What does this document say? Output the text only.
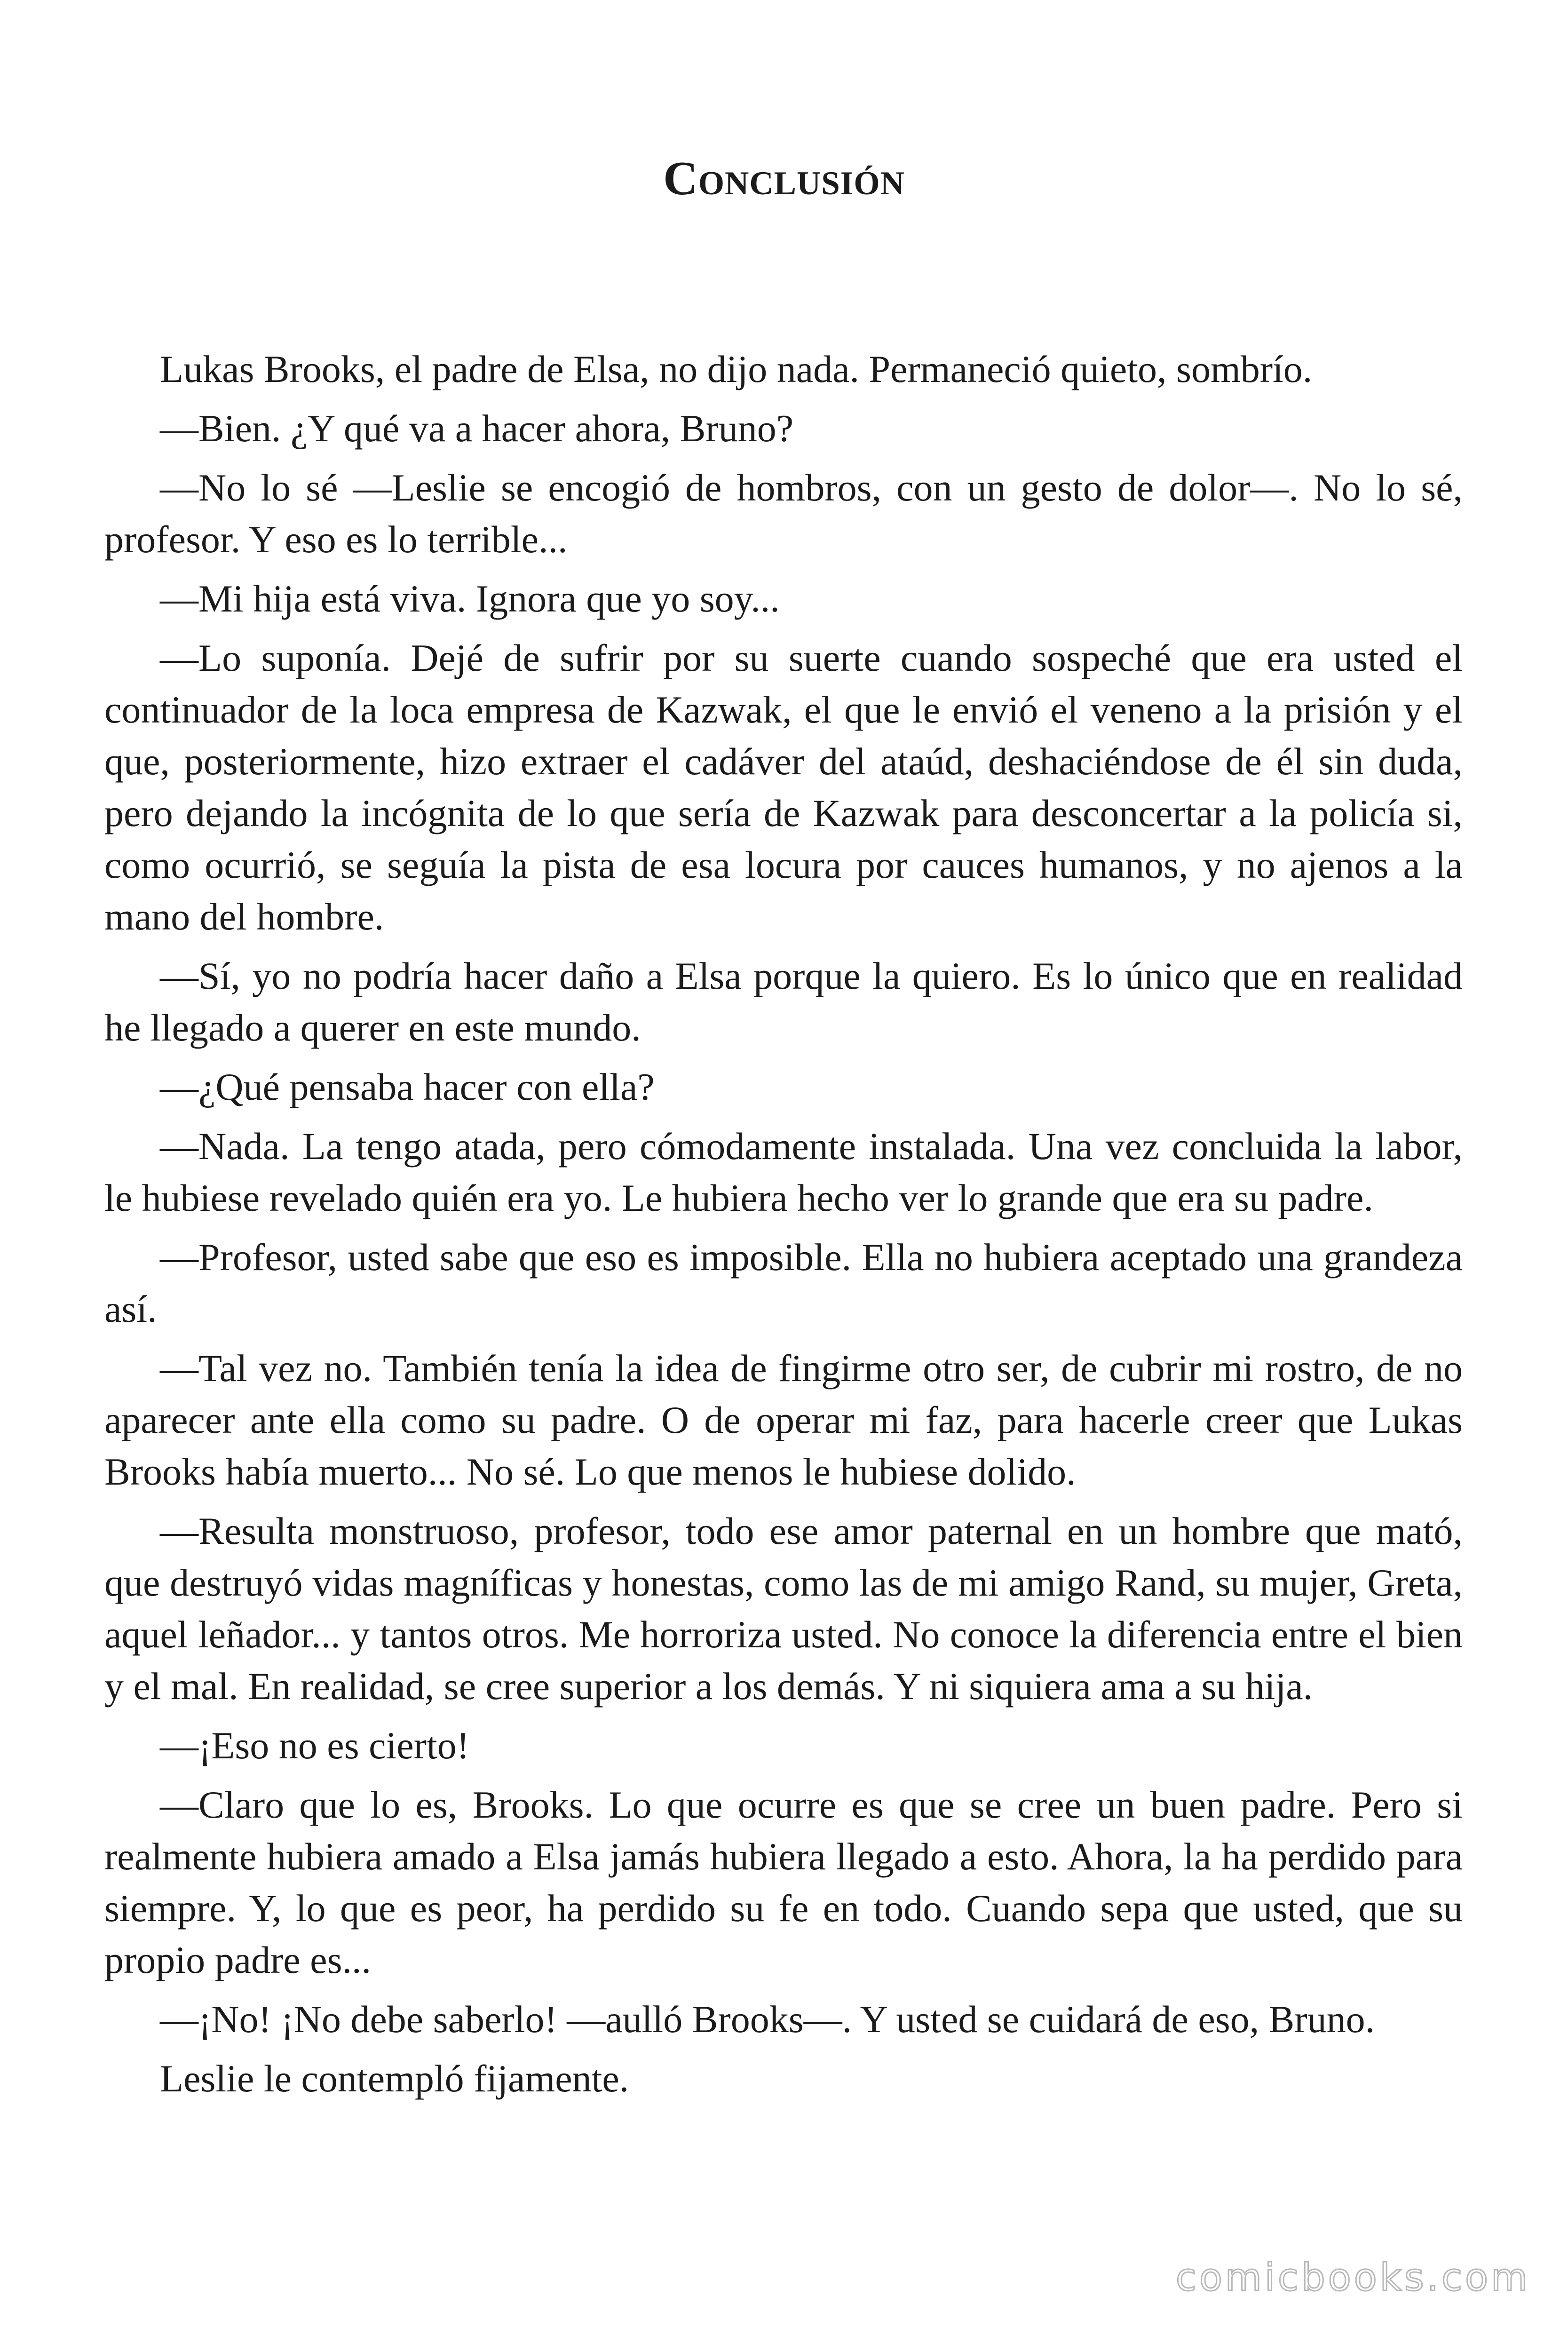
Conclusión

Lukas Brooks, el padre de Elsa, no dijo nada. Permaneció quieto, sombrío.

—Bien. ¿Y qué va a hacer ahora, Bruno?

—No lo sé —Leslie se encogió de hombros, con un gesto de dolor—. No lo sé, profesor. Y eso es lo terrible...

—Mi hija está viva. Ignora que yo soy...

—Lo suponía. Dejé de sufrir por su suerte cuando sospeché que era usted el continuador de la loca empresa de Kazwak, el que le envió el veneno a la prisión y el que, posteriormente, hizo extraer el cadáver del ataúd, deshaciéndose de él sin duda, pero dejando la incógnita de lo que sería de Kazwak para desconcertar a la policía si, como ocurrió, se seguía la pista de esa locura por cauces humanos, y no ajenos a la mano del hombre.

—Sí, yo no podría hacer daño a Elsa porque la quiero. Es lo único que en realidad he llegado a querer en este mundo.

—¿Qué pensaba hacer con ella?

—Nada. La tengo atada, pero cómodamente instalada. Una vez concluida la labor, le hubiese revelado quién era yo. Le hubiera hecho ver lo grande que era su padre.

—Profesor, usted sabe que eso es imposible. Ella no hubiera aceptado una grandeza así.

—Tal vez no. También tenía la idea de fingirme otro ser, de cubrir mi rostro, de no aparecer ante ella como su padre. O de operar mi faz, para hacerle creer que Lukas Brooks había muerto... No sé. Lo que menos le hubiese dolido.

—Resulta monstruoso, profesor, todo ese amor paternal en un hombre que mató, que destruyó vidas magníficas y honestas, como las de mi amigo Rand, su mujer, Greta, aquel leñador... y tantos otros. Me horroriza usted. No conoce la diferencia entre el bien y el mal. En realidad, se cree superior a los demás. Y ni siquiera ama a su hija.

—¡Eso no es cierto!

—Claro que lo es, Brooks. Lo que ocurre es que se cree un buen padre. Pero si realmente hubiera amado a Elsa jamás hubiera llegado a esto. Ahora, la ha perdido para siempre. Y, lo que es peor, ha perdido su fe en todo. Cuando sepa que usted, que su propio padre es...

—¡No! ¡No debe saberlo! —aulló Brooks—. Y usted se cuidará de eso, Bruno.

Leslie le contempló fijamente.

comicbooks.com
